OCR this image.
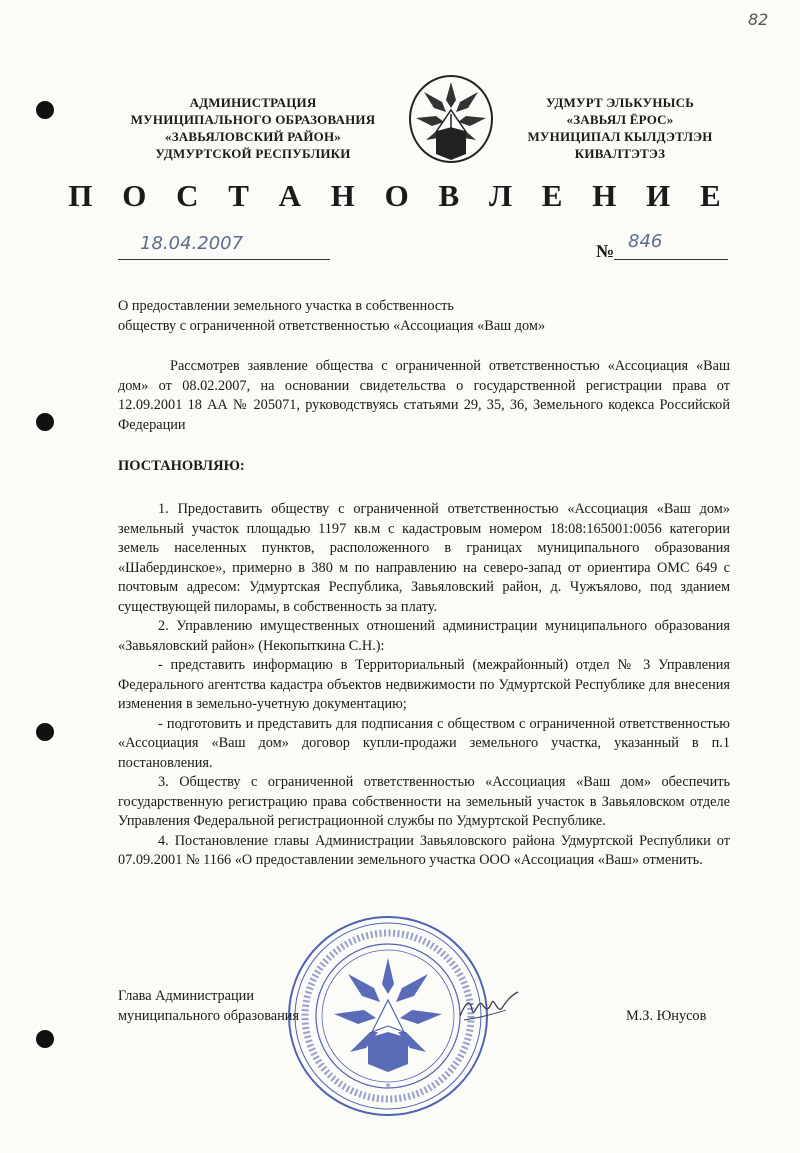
82
АДМИНИСТРАЦИЯ
МУНИЦИПАЛЬНОГО ОБРАЗОВАНИЯ
«ЗАВЬЯЛОВСКИЙ РАЙОН»
УДМУРТСКОЙ РЕСПУБЛИКИ
УДМУРТ ЭЛЬКУНЫСЬ
«ЗАВЬЯЛ ЁРОС»
МУНИЦИПАЛ КЫЛДЭТЛЭН
КИВАЛТЭТЭЗ
П О С Т А Н О В Л Е Н И Е
18.04.2007	№ 846
О предоставлении земельного участка в собственность
обществу с ограниченной ответственностью «Ассоциация «Ваш дом»
Рассмотрев заявление общества с ограниченной ответственностью «Ассоциация «Ваш дом» от 08.02.2007, на основании свидетельства о государственной регистрации права от 12.09.2001 18 АА № 205071, руководствуясь статьями 29, 35, 36, Земельного кодекса Российской Федерации
ПОСТАНОВЛЯЮ:

1. Предоставить обществу с ограниченной ответственностью «Ассоциация «Ваш дом» земельный участок площадью 1197 кв.м с кадастровым номером 18:08:165001:0056 категории земель населенных пунктов, расположенного в границах муниципального образования «Шабердинское», примерно в 380 м по направлению на северо-запад от ориентира ОМС 649 с почтовым адресом: Удмуртская Республика, Завьяловский район, д. Чужъялово, под зданием существующей пилорамы, в собственность за плату.

2. Управлению имущественных отношений администрации муниципального образования «Завьяловский район» (Некопыткина С.Н.):

- представить информацию в Территориальный (межрайонный) отдел № 3 Управления Федерального агентства кадастра объектов недвижимости по Удмуртской Республике для внесения изменения в земельно-учетную документацию;

- подготовить и представить для подписания с обществом с ограниченной ответственностью «Ассоциация «Ваш дом» договор купли-продажи земельного участка, указанный в п.1 постановления.

3. Обществу с ограниченной ответственностью «Ассоциация «Ваш дом» обеспечить государственную регистрацию права собственности на земельный участок в Завьяловском отделе Управления Федеральной регистрационной службы по Удмуртской Республике.

4. Постановление главы Администрации Завьяловского района Удмуртской Республики от 07.09.2001 № 1166 «О предоставлении земельного участка ООО «Ассоциация «Ваш» отменить.

*
Глава Администрации
муниципального образования	М.З. Юнусов
